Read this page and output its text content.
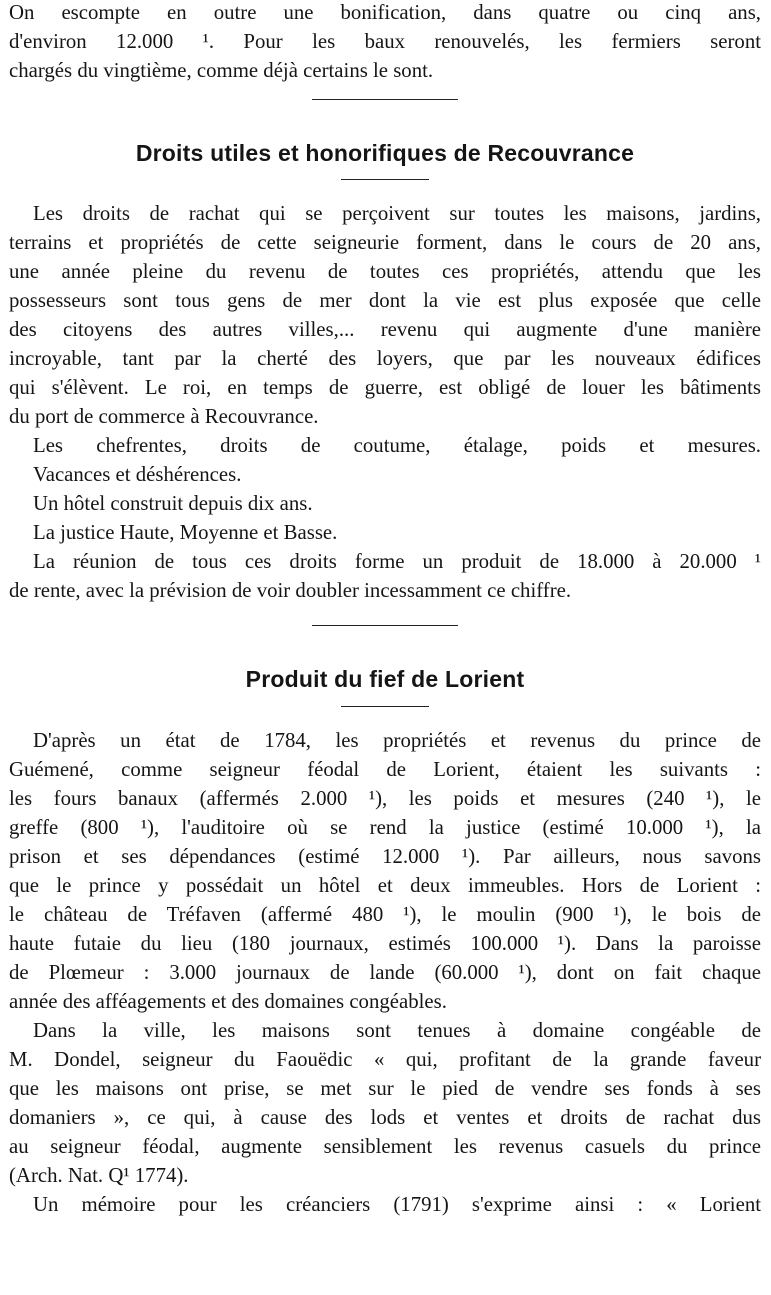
On escompte en outre une bonification, dans quatre ou cinq ans,
d'environ 12.000 ¹. Pour les baux renouvelés, les fermiers seront
chargés du vingtième, comme déjà certains le sont.
Droits utiles et honorifiques de Recouvrance
Les droits de rachat qui se perçoivent sur toutes les maisons, jardins,
terrains et propriétés de cette seigneurie forment, dans le cours de 20 ans,
une année pleine du revenu de toutes ces propriétés, attendu que les
possesseurs sont tous gens de mer dont la vie est plus exposée que celle
des citoyens des autres villes,... revenu qui augmente d'une manière
incroyable, tant par la cherté des loyers, que par les nouveaux édifices
qui s'élèvent. Le roi, en temps de guerre, est obligé de louer les bâtiments
du port de commerce à Recouvrance.
Les chefrentes, droits de coutume, étalage, poids et mesures.
Vacances et déshérences.
Un hôtel construit depuis dix ans.
La justice Haute, Moyenne et Basse.
La réunion de tous ces droits forme un produit de 18.000 à 20.000 ¹
de rente, avec la prévision de voir doubler incessamment ce chiffre.
Produit du fief de Lorient
D'après un état de 1784, les propriétés et revenus du prince de
Guémené, comme seigneur féodal de Lorient, étaient les suivants :
les fours banaux (affermés 2.000 ¹), les poids et mesures (240 ¹), le
greffe (800 ¹), l'auditoire où se rend la justice (estimé 10.000 ¹), la
prison et ses dépendances (estimé 12.000 ¹). Par ailleurs, nous savons
que le prince y possédait un hôtel et deux immeubles. Hors de Lorient :
le château de Tréfaven (affermé 480 ¹), le moulin (900 ¹), le bois de
haute futaie du lieu (180 journaux, estimés 100.000 ¹). Dans la paroisse
de Plœmeur : 3.000 journaux de lande (60.000 ¹), dont on fait chaque
année des afféagements et des domaines congéables.
Dans la ville, les maisons sont tenues à domaine congéable de
M. Dondel, seigneur du Faouëdic « qui, profitant de la grande faveur
que les maisons ont prise, se met sur le pied de vendre ses fonds à ses
domaniers », ce qui, à cause des lods et ventes et droits de rachat dus
au seigneur féodal, augmente sensiblement les revenus casuels du prince
(Arch. Nat. Q¹ 1774).
Un mémoire pour les créanciers (1791) s'exprime ainsi : « Lorient
